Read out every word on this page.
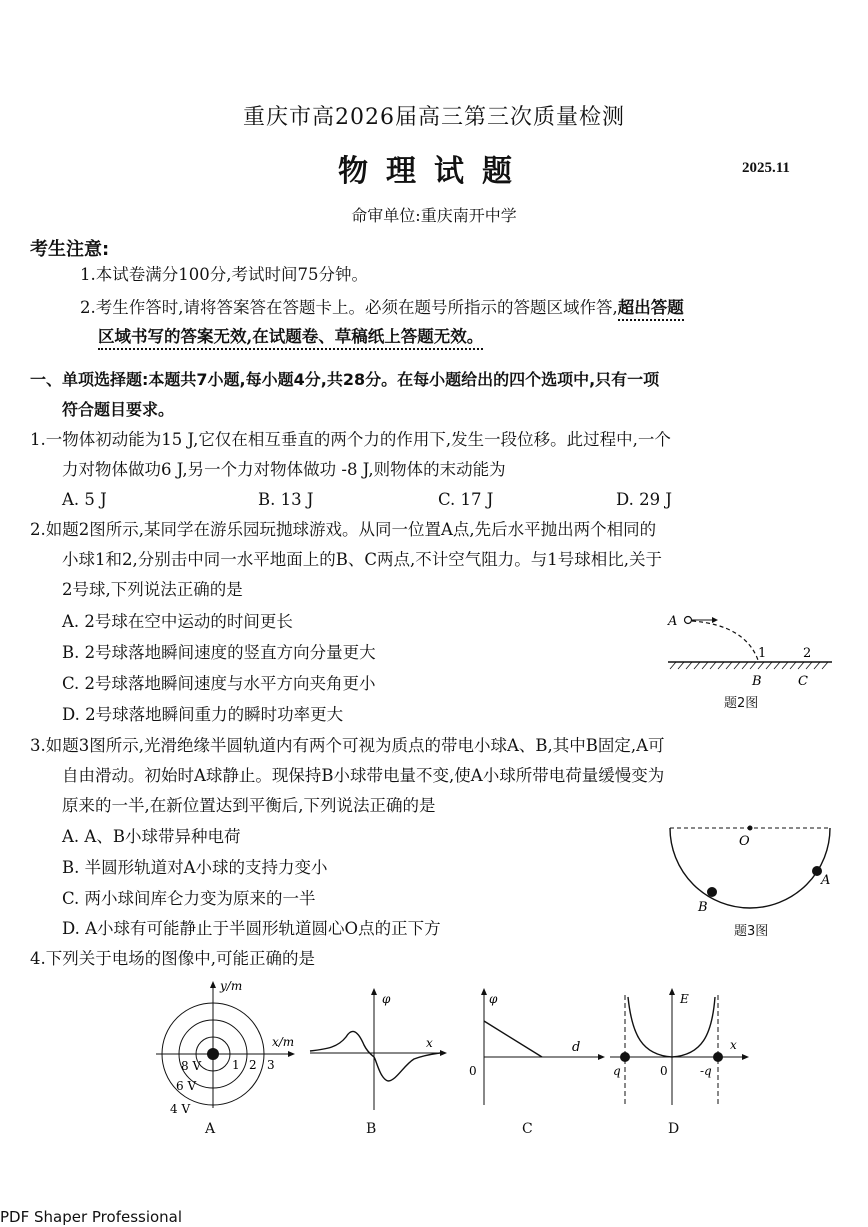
重庆市高2026届高三第三次质量检测
物理试题	2025.11
命审单位:重庆南开中学
考生注意:
1.本试卷满分100分,考试时间75分钟。
2.考生作答时,请将答案答在答题卡上。必须在题号所指示的答题区域作答,超出答题
区域书写的答案无效,在试题卷、草稿纸上答题无效。
一、单项选择题:本题共7小题,每小题4分,共28分。在每小题给出的四个选项中,只有一项
符合题目要求。
1.一物体初动能为15 J,它仅在相互垂直的两个力的作用下,发生一段位移。此过程中,一个
力对物体做功6 J,另一个力对物体做功 -8 J,则物体的末动能为
A. 5 J	B. 13 J	C. 17 J	D. 29 J
2.如题2图所示,某同学在游乐园玩抛球游戏。从同一位置A点,先后水平抛出两个相同的
小球1和2,分别击中同一水平地面上的B、C两点,不计空气阻力。与1号球相比,关于
2号球,下列说法正确的是
A. 2号球在空中运动的时间更长
B. 2号球落地瞬间速度的竖直方向分量更大
C. 2号球落地瞬间速度与水平方向夹角更小
D. 2号球落地瞬间重力的瞬时功率更大
A
1	2
B	C
题2图
3.如题3图所示,光滑绝缘半圆轨道内有两个可视为质点的带电小球A、B,其中B固定,A可
自由滑动。初始时A球静止。现保持B小球带电量不变,使A小球所带电荷量缓慢变为
原来的一半,在新位置达到平衡后,下列说法正确的是
A. A、B小球带异种电荷
B. 半圆形轨道对A小球的支持力变小
C. 两小球间库仑力变为原来的一半
D. A小球有可能静止于半圆形轨道圆心O点的正下方
O
A
B
题3图
4.下列关于电场的图像中,可能正确的是
y/m
x/m
1 2 3
8 V
6 V
4 V
A
φ
x
B
φ
d
0
C
E
x
q	0	-q
D
PDF Shaper Professional
